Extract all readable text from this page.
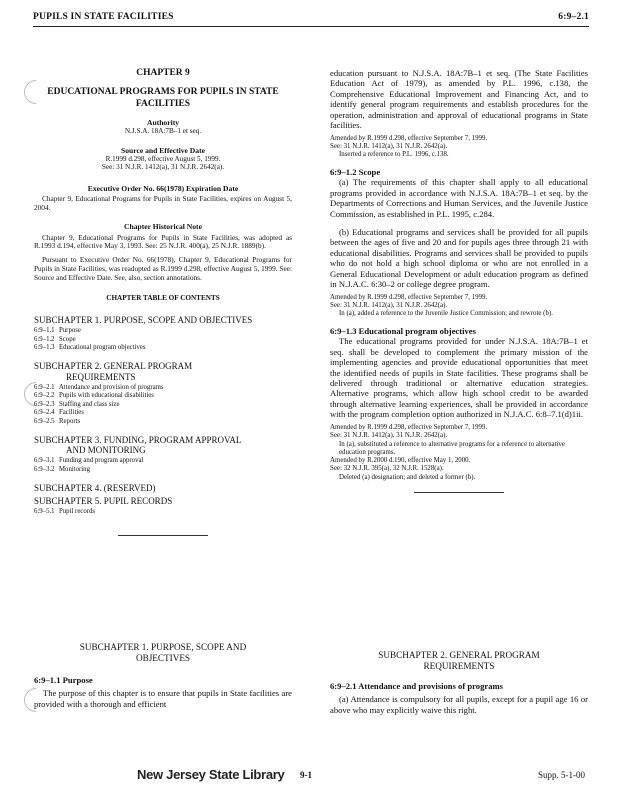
PUPILS IN STATE FACILITIES	6:9–2.1
CHAPTER 9
EDUCATIONAL PROGRAMS FOR PUPILS IN STATE FACILITIES
Authority
N.J.S.A. 18A:7B–1 et seq.
Source and Effective Date
R.1999 d.298, effective August 5, 1999.
See: 31 N.J.R. 1412(a), 31 N.J.R. 2642(a).
Executive Order No. 66(1978) Expiration Date
Chapter 9, Educational Programs for Pupils in State Facilities, expires on August 5, 2004.
Chapter Historical Note
Chapter 9, Educational Programs for Pupils in State Facilities, was adopted as R.1993 d.194, effective May 3, 1993. See: 25 N.J.R. 400(a), 25 N.J.R. 1889(b).
Pursuant to Executive Order No. 66(1978), Chapter 9, Educational Programs for Pupils in State Facilities, was readopted as R.1999 d.298, effective August 5, 1999. See: Source and Effective Date. See, also, section annotations.
CHAPTER TABLE OF CONTENTS
SUBCHAPTER 1. PURPOSE, SCOPE AND OBJECTIVES
6:9–1.1 Purpose
6:9–1.2 Scope
6:9–1.3 Educational program objectives
SUBCHAPTER 2. GENERAL PROGRAM
REQUIREMENTS
6:9–2.1 Attendance and provision of programs
6:9–2.2 Pupils with educational disabilities
6:9–2.3 Staffing and class size
6:9–2.4 Facilities
6:9–2.5 Reports
SUBCHAPTER 3. FUNDING, PROGRAM APPROVAL
AND MONITORING
6:9–3.1 Funding and program approval
6:9–3.2 Monitoring
SUBCHAPTER 4. (RESERVED)
SUBCHAPTER 5. PUPIL RECORDS
6:9–5.1 Pupil records
SUBCHAPTER 1. PURPOSE, SCOPE AND
OBJECTIVES
6:9–1.1 Purpose

The purpose of this chapter is to ensure that pupils in State facilities are provided with a thorough and efficient

education pursuant to N.J.S.A. 18A:7B–1 et seq. (The State Facilities Education Act of 1979), as amended by P.L. 1996, c.138, the Comprehensive Educational Improvement and Financing Act, and to identify general program requirements and establish procedures for the operation, administration and approval of educational programs in State facilities.

Amended by R.1999 d.298, effective September 7, 1999.
See: 31 N.J.R. 1412(a), 31 N.J.R. 2642(a).
Inserted a reference to P.L. 1996, c.138.
6:9–1.2 Scope

(a) The requirements of this chapter shall apply to all educational programs provided in accordance with N.J.S.A. 18A:7B–1 et seq. by the Departments of Corrections and Human Services, and the Juvenile Justice Commission, as established in P.L. 1995, c.284.

(b) Educational programs and services shall be provided for all pupils between the ages of five and 20 and for pupils ages three through 21 with educational disabilities. Programs and services shall be provided to pupils who do not hold a high school diploma or who are not enrolled in a General Educational Development or adult education program as defined in N.J.A.C. 6:30–2 or college degree program.

Amended by R.1999 d.298, effective September 7, 1999.
See: 31 N.J.R. 1412(a), 31 N.J.R. 2642(a).
In (a), added a reference to the Juvenile Justice Commission; and rewrote (b).
6:9–1.3 Educational program objectives

The educational programs provided for under N.J.S.A. 18A:7B–1 et seq. shall be developed to complement the primary mission of the implementing agencies and provide educational opportunities that meet the identified needs of pupils in State facilities. These programs shall be delivered through traditional or alternative education strategies. Alternative programs, which allow high school credit to be awarded through alternative learning experiences, shall be provided in accordance with the program completion option authorized in N.J.A.C. 6:8–7.1(d)1ii.

Amended by R.1999 d.298, effective September 7, 1999.
See: 31 N.J.R. 1412(a), 31 N.J.R. 2642(a).
In (a), substituted a reference to alternative programs for a reference to alternative education programs.
Amended by R.2000 d.190, effective May 1, 2000.
See: 32 N.J.R. 395(a), 32 N.J.R. 1528(a).
Deleted (a) designation; and deleted a former (b).
SUBCHAPTER 2. GENERAL PROGRAM
REQUIREMENTS
6:9–2.1 Attendance and provisions of programs

(a) Attendance is compulsory for all pupils, except for a pupil age 16 or above who may explicitly waive this right.

New Jersey State Library 9-1	Supp. 5-1-00
